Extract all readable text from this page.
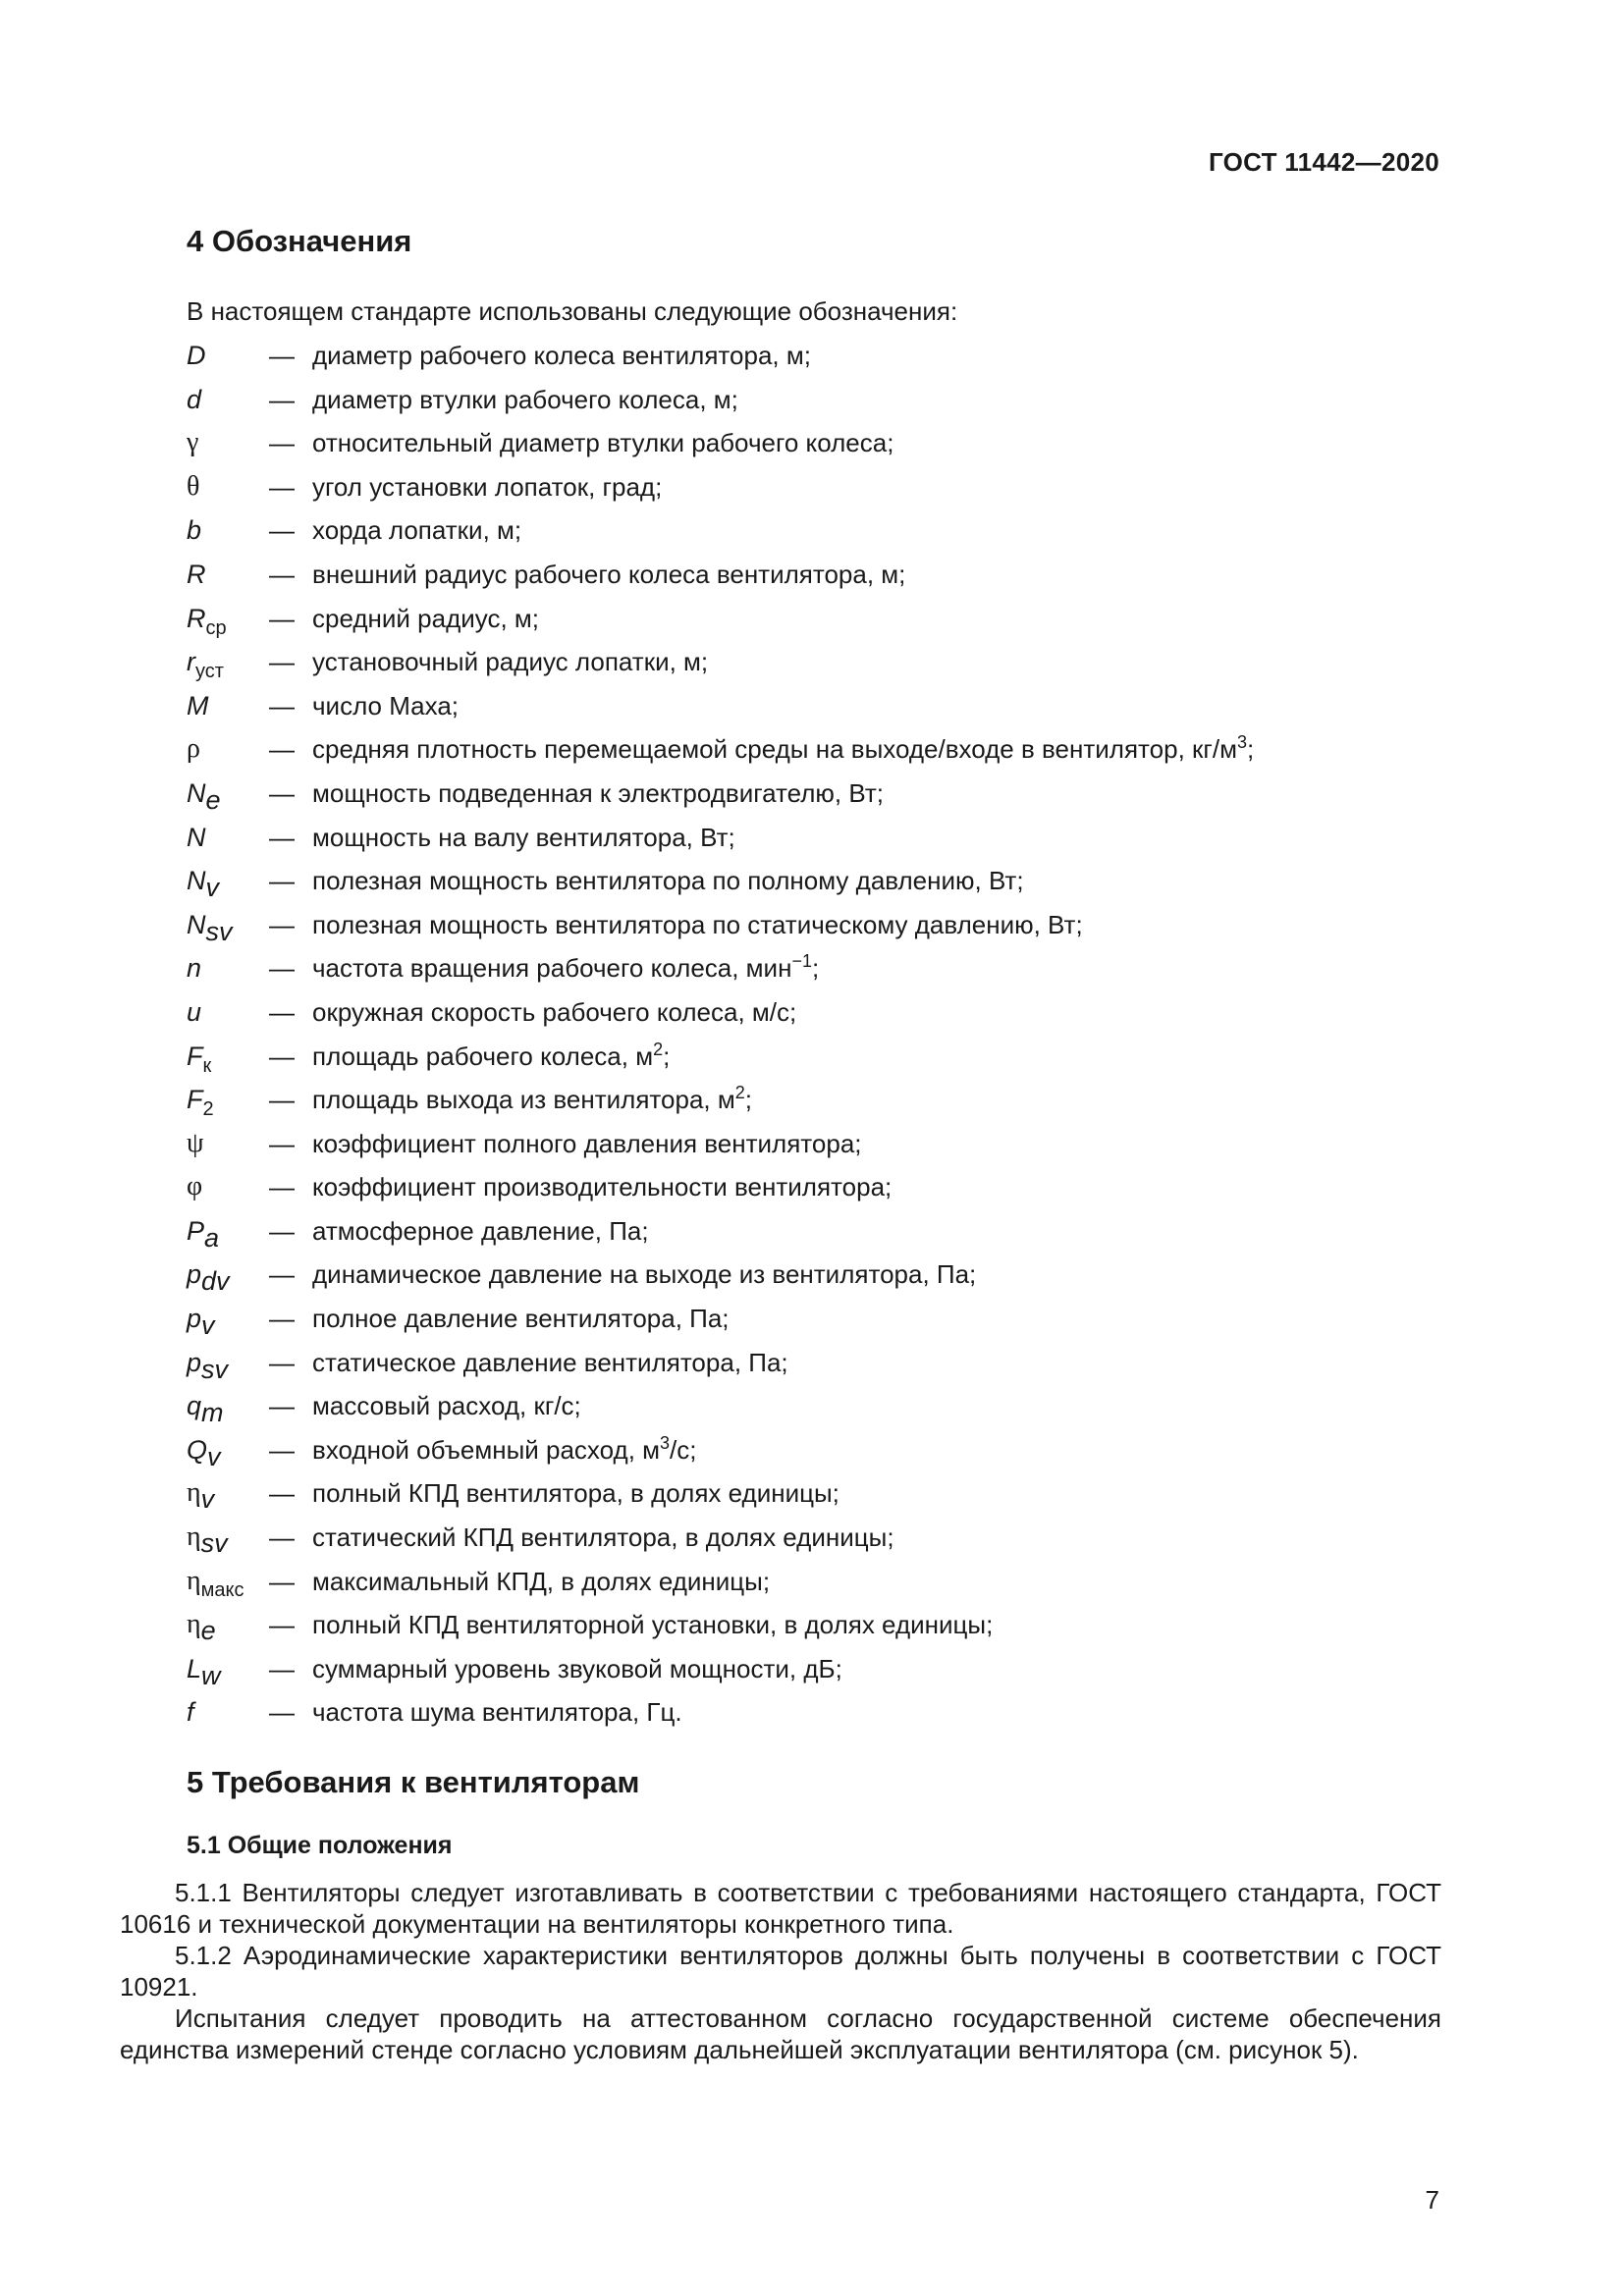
ГОСТ 11442—2020
4 Обозначения
В настоящем стандарте использованы следующие обозначения:
D	— диаметр рабочего колеса вентилятора, м;
d	— диаметр втулки рабочего колеса, м;
γ	— относительный диаметр втулки рабочего колеса;
θ	— угол установки лопаток, град;
b	— хорда лопатки, м;
R	— внешний радиус рабочего колеса вентилятора, м;
$R_{ср}$	— средний радиус, м;
$r_{уст}$	— установочный радиус лопатки, м;
M	— число Маха;
ρ	— средняя плотность перемещаемой среды на выходе/входе в вентилятор, $кг/м^3$;
$N_e$	— мощность подведенная к электродвигателю, Вт;
N	— мощность на валу вентилятора, Вт;
$N_v$	— полезная мощность вентилятора по полному давлению, Вт;
$N_{sv}$	— полезная мощность вентилятора по статическому давлению, Вт;
n	— частота вращения рабочего колеса, мин$^{-1}$;
u	— окружная скорость рабочего колеса, м/с;
$F_к$	— площадь рабочего колеса, $м^2$;
$F_2$	— площадь выхода из вентилятора, $м^2$;
ψ	— коэффициент полного давления вентилятора;
φ	— коэффициент производительности вентилятора;
$P_a$	— атмосферное давление, Па;
$p_{dv}$	— динамическое давление на выходе из вентилятора, Па;
$p_v$	— полное давление вентилятора, Па;
$p_{sv}$	— статическое давление вентилятора, Па;
$q_m$	— массовый расход, кг/с;
$Q_v$	— входной объемный расход, $м^3/с$;
$\eta_v$	— полный КПД вентилятора, в долях единицы;
$\eta_{sv}$	— статический КПД вентилятора, в долях единицы;
$\eta_{макс}$ — максимальный КПД, в долях единицы;
$\eta_e$	— полный КПД вентиляторной установки, в долях единицы;
$L_w$	— суммарный уровень звуковой мощности, дБ;
f	— частота шума вентилятора, Гц.
5 Требования к вентиляторам
5.1 Общие положения

5.1.1 Вентиляторы следует изготавливать в соответствии с требованиями настоящего стандарта, ГОСТ 10616 и технической документации на вентиляторы конкретного типа.

5.1.2 Аэродинамические характеристики вентиляторов должны быть получены в соответствии с ГОСТ 10921.

Испытания следует проводить на аттестованном согласно государственной системе обеспечения единства измерений стенде согласно условиям дальнейшей эксплуатации вентилятора (см. рисунок 5).

7
